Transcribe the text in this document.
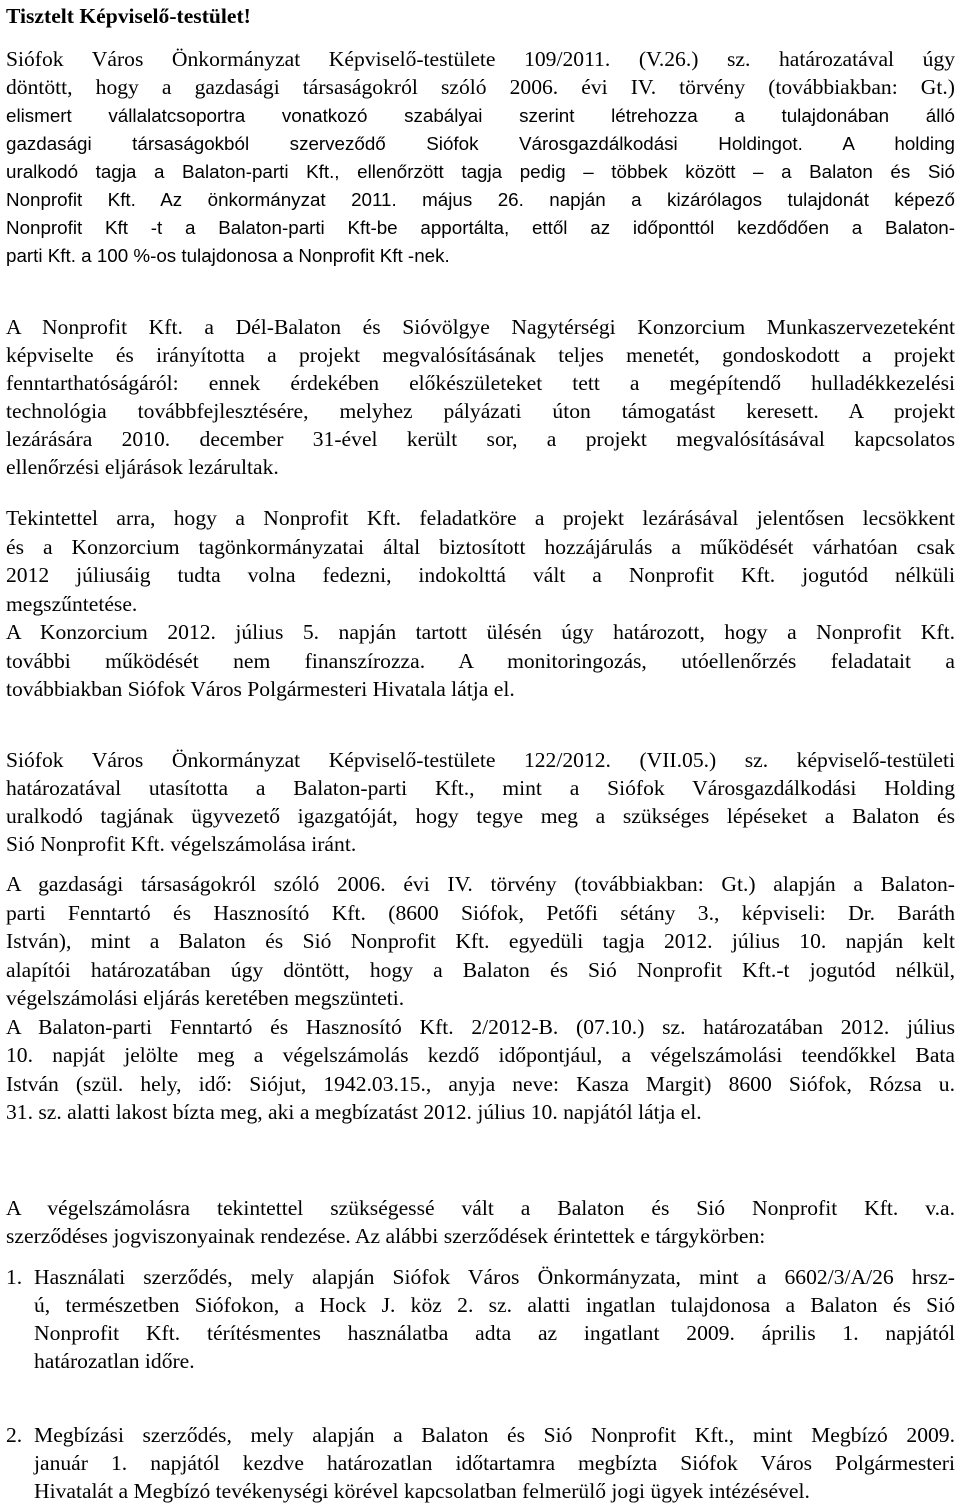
Tisztelt Képviselő-testület!
Siófok Város Önkormányzat Képviselő-testülete 109/2011. (V.26.) sz. határozatával úgy
döntött, hogy a gazdasági társaságokról szóló 2006. évi IV. törvény (továbbiakban: Gt.)
elismert vállalatcsoportra vonatkozó szabályai szerint létrehozza a tulajdonában álló
gazdasági társaságokból szerveződő Siófok Városgazdálkodási Holdingot. A holding
uralkodó tagja a Balaton-parti Kft., ellenőrzött tagja pedig – többek között – a Balaton és Sió
Nonprofit Kft. Az önkormányzat 2011. május 26. napján a kizárólagos tulajdonát képező
Nonprofit Kft -t a Balaton-parti Kft-be apportálta, ettől az időponttól kezdődően a Balaton-
parti Kft. a 100 %-os tulajdonosa a Nonprofit Kft -nek.
A Nonprofit Kft. a Dél-Balaton és Sióvölgye Nagytérségi Konzorcium Munkaszervezeteként
képviselte és irányította a projekt megvalósításának teljes menetét, gondoskodott a projekt
fenntarthatóságáról: ennek érdekében előkészületeket tett a megépítendő hulladékkezelési
technológia továbbfejlesztésére, melyhez pályázati úton támogatást keresett. A projekt
lezárására 2010. december 31-ével került sor, a projekt megvalósításával kapcsolatos
ellenőrzési eljárások lezárultak.
Tekintettel arra, hogy a Nonprofit Kft. feladatköre a projekt lezárásával jelentősen lecsökkent
és a Konzorcium tagönkormányzatai által biztosított hozzájárulás a működését várhatóan csak
2012 júliusáig tudta volna fedezni, indokolttá vált a Nonprofit Kft. jogutód nélküli
megszűntetése.
A Konzorcium 2012. július 5. napján tartott ülésén úgy határozott, hogy a Nonprofit Kft.
további működését nem finanszírozza. A monitoringozás, utóellenőrzés feladatait a
továbbiakban Siófok Város Polgármesteri Hivatala látja el.
Siófok Város Önkormányzat Képviselő-testülete 122/2012. (VII.05.) sz. képviselő-testületi
határozatával utasította a Balaton-parti Kft., mint a Siófok Városgazdálkodási Holding
uralkodó tagjának ügyvezető igazgatóját, hogy tegye meg a szükséges lépéseket a Balaton és
Sió Nonprofit Kft. végelszámolása iránt.
A gazdasági társaságokról szóló 2006. évi IV. törvény (továbbiakban: Gt.) alapján a Balaton-
parti Fenntartó és Hasznosító Kft. (8600 Siófok, Petőfi sétány 3., képviseli: Dr. Baráth
István), mint a Balaton és Sió Nonprofit Kft. egyedüli tagja 2012. július 10. napján kelt
alapítói határozatában úgy döntött, hogy a Balaton és Sió Nonprofit Kft.-t jogutód nélkül,
végelszámolási eljárás keretében megszünteti.
A Balaton-parti Fenntartó és Hasznosító Kft. 2/2012-B. (07.10.) sz. határozatában 2012. július
10. napját jelölte meg a végelszámolás kezdő időpontjául, a végelszámolási teendőkkel Bata
István (szül. hely, idő: Siójut, 1942.03.15., anyja neve: Kasza Margit) 8600 Siófok, Rózsa u.
31. sz. alatti lakost bízta meg, aki a megbízatást 2012. július 10. napjától látja el.
A végelszámolásra tekintettel szükségessé vált a Balaton és Sió Nonprofit Kft. v.a.
szerződéses jogviszonyainak rendezése. Az alábbi szerződések érintettek e tárgykörben:
1. Használati szerződés, mely alapján Siófok Város Önkormányzata, mint a 6602/3/A/26 hrsz-
ú, természetben Siófokon, a Hock J. köz 2. sz. alatti ingatlan tulajdonosa a Balaton és Sió
Nonprofit Kft. térítésmentes használatba adta az ingatlant 2009. április 1. napjától
határozatlan időre.
2. Megbízási szerződés, mely alapján a Balaton és Sió Nonprofit Kft., mint Megbízó 2009.
január 1. napjától kezdve határozatlan időtartamra megbízta Siófok Város Polgármesteri
Hivatalát a Megbízó tevékenységi körével kapcsolatban felmerülő jogi ügyek intézésével.
